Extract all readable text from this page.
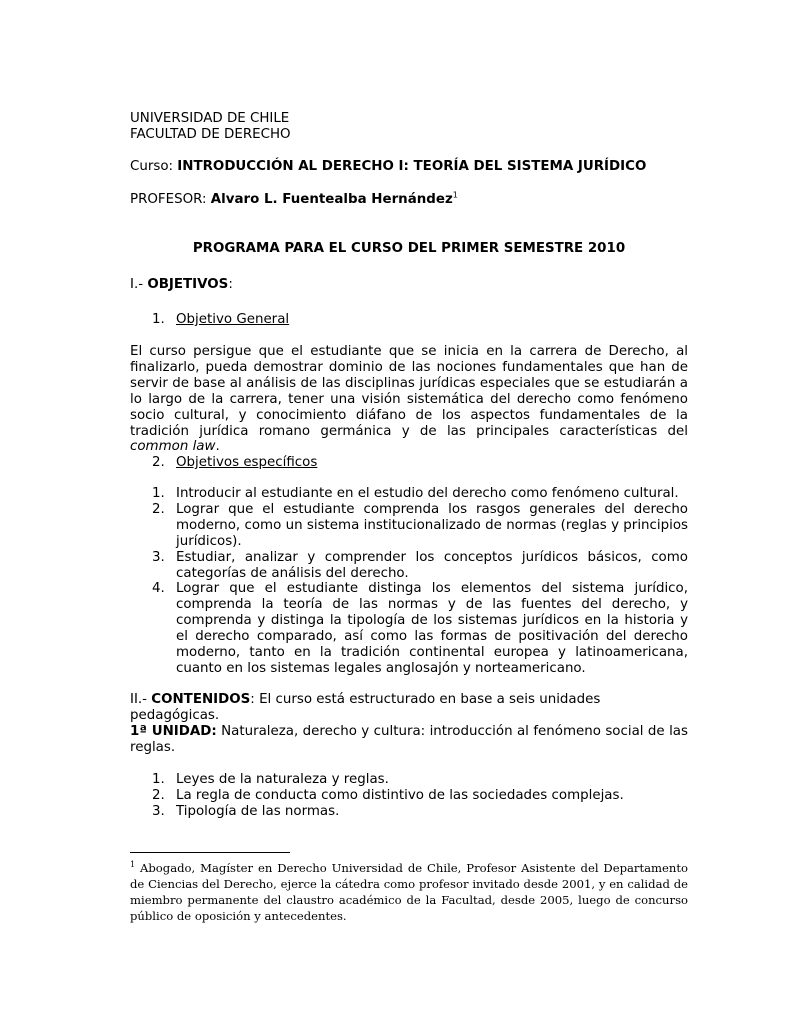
UNIVERSIDAD DE CHILE
FACULTAD DE DERECHO

Curso: INTRODUCCIÓN AL DERECHO I: TEORÍA DEL SISTEMA JURÍDICO

PROFESOR: Alvaro L. Fuentealba Hernández$^1$

PROGRAMA PARA EL CURSO DEL PRIMER SEMESTRE 2010

I.- OBJETIVOS:

1. Objetivo General

El curso persigue que el estudiante que se inicia en la carrera de Derecho, al finalizarlo, pueda demostrar dominio de las nociones fundamentales que han de servir de base al análisis de las disciplinas jurídicas especiales que se estudiarán a lo largo de la carrera, tener una visión sistemática del derecho como fenómeno socio cultural, y conocimiento diáfano de los aspectos fundamentales de la tradición jurídica romano germánica y de las principales características del common law.

2. Objetivos específicos

1. Introducir al estudiante en el estudio del derecho como fenómeno cultural.
2. Lograr que el estudiante comprenda los rasgos generales del derecho moderno, como un sistema institucionalizado de normas (reglas y principios jurídicos).
3. Estudiar, analizar y comprender los conceptos jurídicos básicos, como categorías de análisis del derecho.
4. Lograr que el estudiante distinga los elementos del sistema jurídico, comprenda la teoría de las normas y de las fuentes del derecho, y comprenda y distinga la tipología de los sistemas jurídicos en la historia y el derecho comparado, así como las formas de positivación del derecho moderno, tanto en la tradición continental europea y latinoamericana, cuanto en los sistemas legales anglosajón y norteamericano.

II.- CONTENIDOS: El curso está estructurado en base a seis unidades pedagógicas.

1ª UNIDAD: Naturaleza, derecho y cultura: introducción al fenómeno social de las reglas.

1. Leyes de la naturaleza y reglas.
2. La regla de conducta como distintivo de las sociedades complejas.
3. Tipología de las normas.

$^1$ Abogado, Magíster en Derecho Universidad de Chile, Profesor Asistente del Departamento de Ciencias del Derecho, ejerce la cátedra como profesor invitado desde 2001, y en calidad de miembro permanente del claustro académico de la Facultad, desde 2005, luego de concurso público de oposición y antecedentes.
